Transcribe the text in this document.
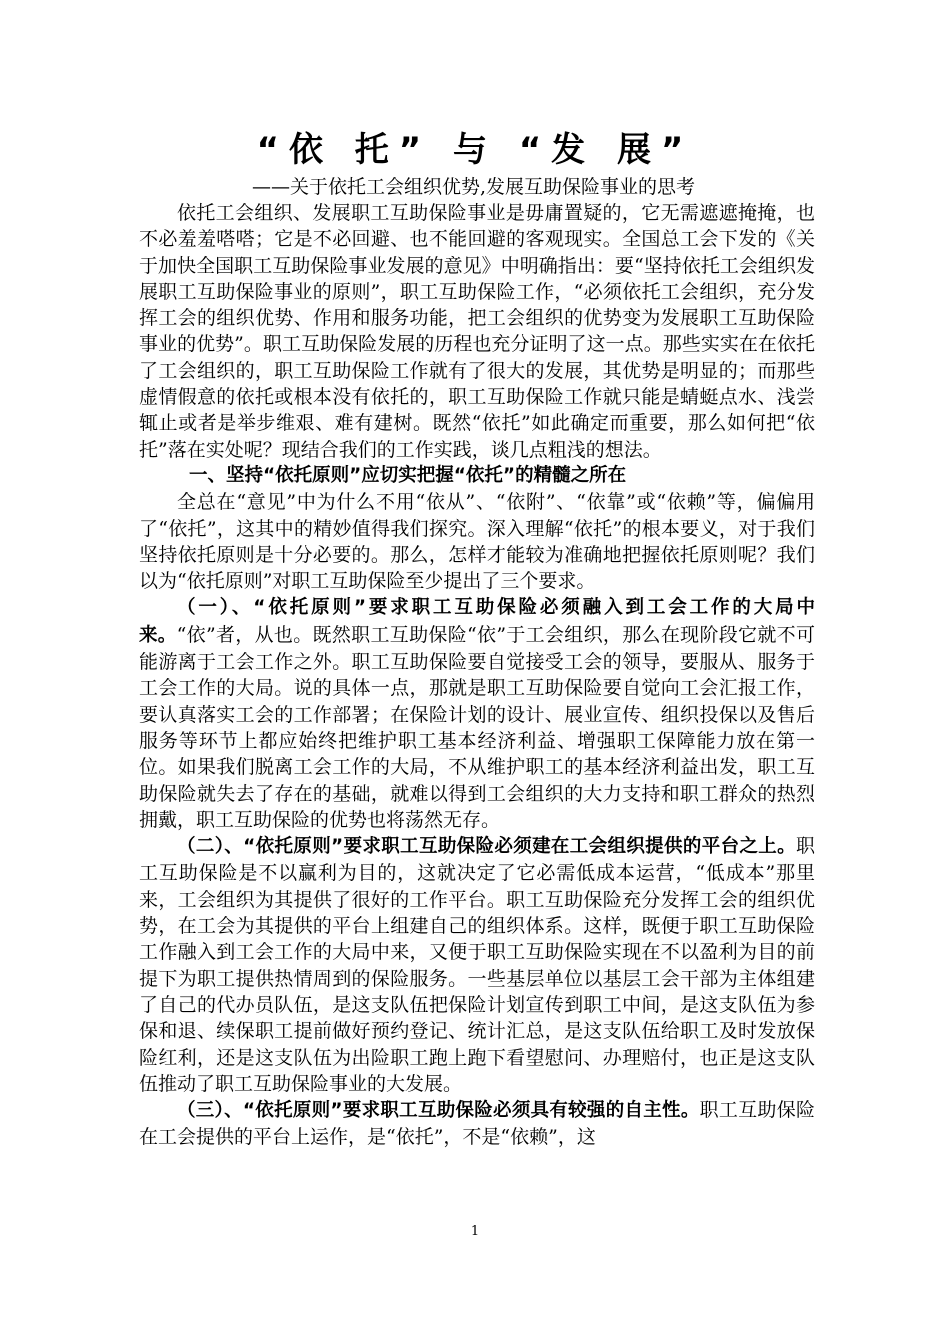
“依 托” 与 “发 展”
——关于依托工会组织优势,发展互助保险事业的思考

依托工会组织、发展职工互助保险事业是毋庸置疑的，它无需遮遮掩掩，也不必羞羞嗒嗒；它是不必回避、也不能回避的客观现实。全国总工会下发的《关于加快全国职工互助保险事业发展的意见》中明确指出：要“坚持依托工会组织发展职工互助保险事业的原则”，职工互助保险工作，“必须依托工会组织，充分发挥工会的组织优势、作用和服务功能，把工会组织的优势变为发展职工互助保险事业的优势”。职工互助保险发展的历程也充分证明了这一点。那些实实在在依托了工会组织的，职工互助保险工作就有了很大的发展，其优势是明显的；而那些虚情假意的依托或根本没有依托的，职工互助保险工作就只能是蜻蜓点水、浅尝辄止或者是举步维艰、难有建树。既然“依托”如此确定而重要，那么如何把“依托”落在实处呢？现结合我们的工作实践，谈几点粗浅的想法。

一、坚持“依托原则”应切实把握“依托”的精髓之所在

全总在“意见”中为什么不用“依从”、“依附”、“依靠”或“依赖”等，偏偏用了“依托”，这其中的精妙值得我们探究。深入理解“依托”的根本要义，对于我们坚持依托原则是十分必要的。那么，怎样才能较为准确地把握依托原则呢？我们以为“依托原则”对职工互助保险至少提出了三个要求。

（一）、“依托原则”要求职工互助保险必须融入到工会工作的大局中来。“依”者，从也。既然职工互助保险“依”于工会组织，那么在现阶段它就不可能游离于工会工作之外。职工互助保险要自觉接受工会的领导，要服从、服务于工会工作的大局。说的具体一点，那就是职工互助保险要自觉向工会汇报工作，要认真落实工会的工作部署；在保险计划的设计、展业宣传、组织投保以及售后服务等环节上都应始终把维护职工基本经济利益、增强职工保障能力放在第一位。如果我们脱离工会工作的大局，不从维护职工的基本经济利益出发，职工互助保险就失去了存在的基础，就难以得到工会组织的大力支持和职工群众的热烈拥戴，职工互助保险的优势也将荡然无存。

（二）、“依托原则”要求职工互助保险必须建在工会组织提供的平台之上。职工互助保险是不以赢利为目的，这就决定了它必需低成本运营，“低成本”那里来，工会组织为其提供了很好的工作平台。职工互助保险充分发挥工会的组织优势，在工会为其提供的平台上组建自己的组织体系。这样，既便于职工互助保险工作融入到工会工作的大局中来，又便于职工互助保险实现在不以盈利为目的前提下为职工提供热情周到的保险服务。一些基层单位以基层工会干部为主体组建了自己的代办员队伍，是这支队伍把保险计划宣传到职工中间，是这支队伍为参保和退、续保职工提前做好预约登记、统计汇总，是这支队伍给职工及时发放保险红利，还是这支队伍为出险职工跑上跑下看望慰问、办理赔付，也正是这支队伍推动了职工互助保险事业的大发展。

（三）、“依托原则”要求职工互助保险必须具有较强的自主性。职工互助保险在工会提供的平台上运作，是“依托”，不是“依赖”，这

1
